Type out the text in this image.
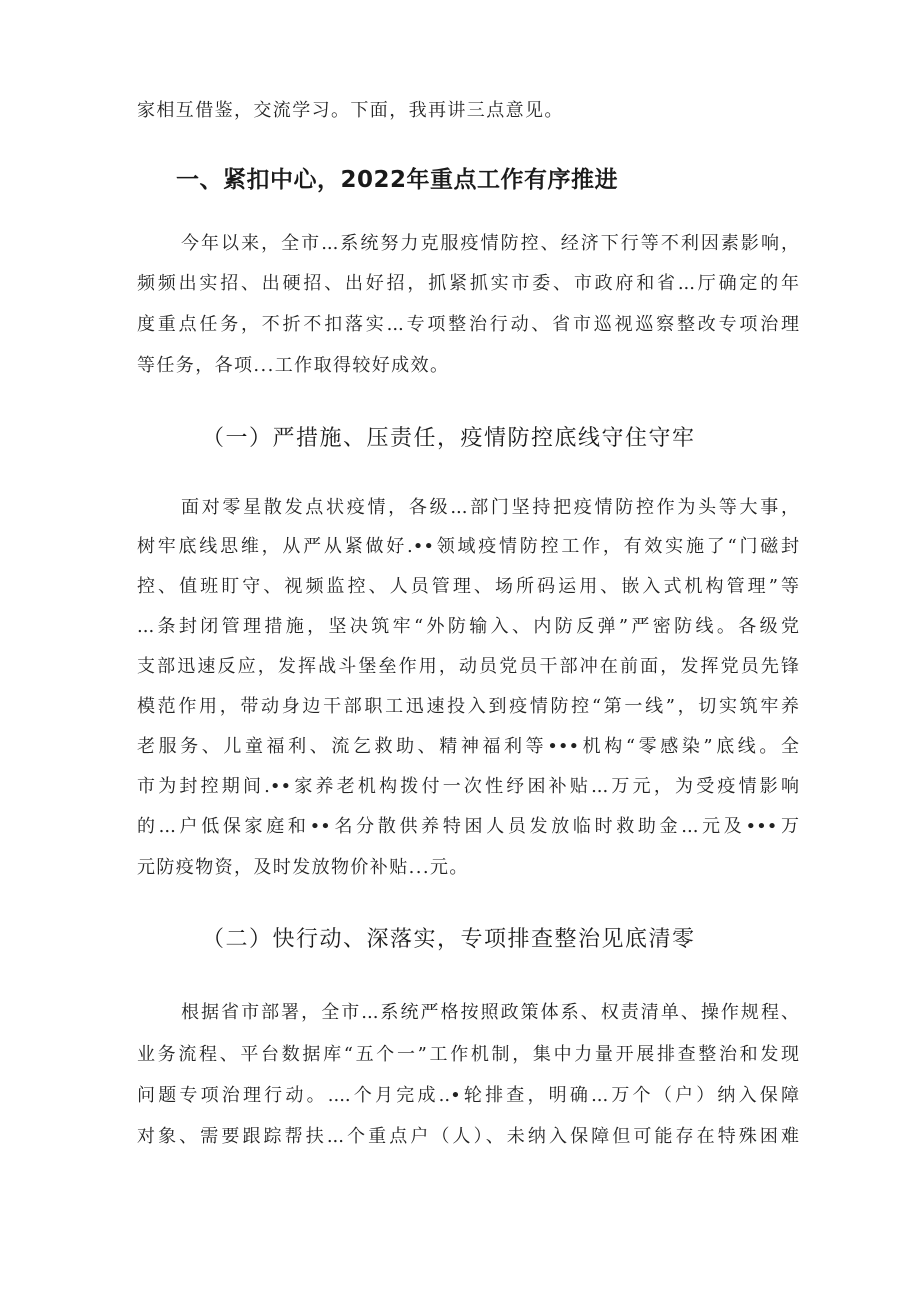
家相互借鉴，交流学习。下面，我再讲三点意见。
一、紧扣中心，2022年重点工作有序推进
今年以来，全市...系统努力克服疫情防控、经济下行等不利因素影响，
频频出实招、出硬招、出好招，抓紧抓实市委、市政府和省...厅确定的年
度重点任务，不折不扣落实...专项整治行动、省市巡视巡察整改专项治理
等任务，各项...工作取得较好成效。
（一）严措施、压责任，疫情防控底线守住守牢
面对零星散发点状疫情，各级...部门坚持把疫情防控作为头等大事，
树牢底线思维，从严从紧做好.••领域疫情防控工作，有效实施了“门磁封
控、值班盯守、视频监控、人员管理、场所码运用、嵌入式机构管理”等
...条封闭管理措施，坚决筑牢“外防输入、内防反弹”严密防线。各级党
支部迅速反应，发挥战斗堡垒作用，动员党员干部冲在前面，发挥党员先锋
模范作用，带动身边干部职工迅速投入到疫情防控“第一线”，切实筑牢养
老服务、儿童福利、流乞救助、精神福利等•••机构“零感染”底线。全
市为封控期间.••家养老机构拨付一次性纾困补贴...万元，为受疫情影响
的...户低保家庭和••名分散供养特困人员发放临时救助金...元及•••万
元防疫物资，及时发放物价补贴...元。
（二）快行动、深落实，专项排查整治见底清零
根据省市部署，全市...系统严格按照政策体系、权责清单、操作规程、
业务流程、平台数据库“五个一”工作机制，集中力量开展排查整治和发现
问题专项治理行动。....个月完成..•轮排查，明确...万个（户）纳入保障
对象、需要跟踪帮扶...个重点户（人）、未纳入保障但可能存在特殊困难
